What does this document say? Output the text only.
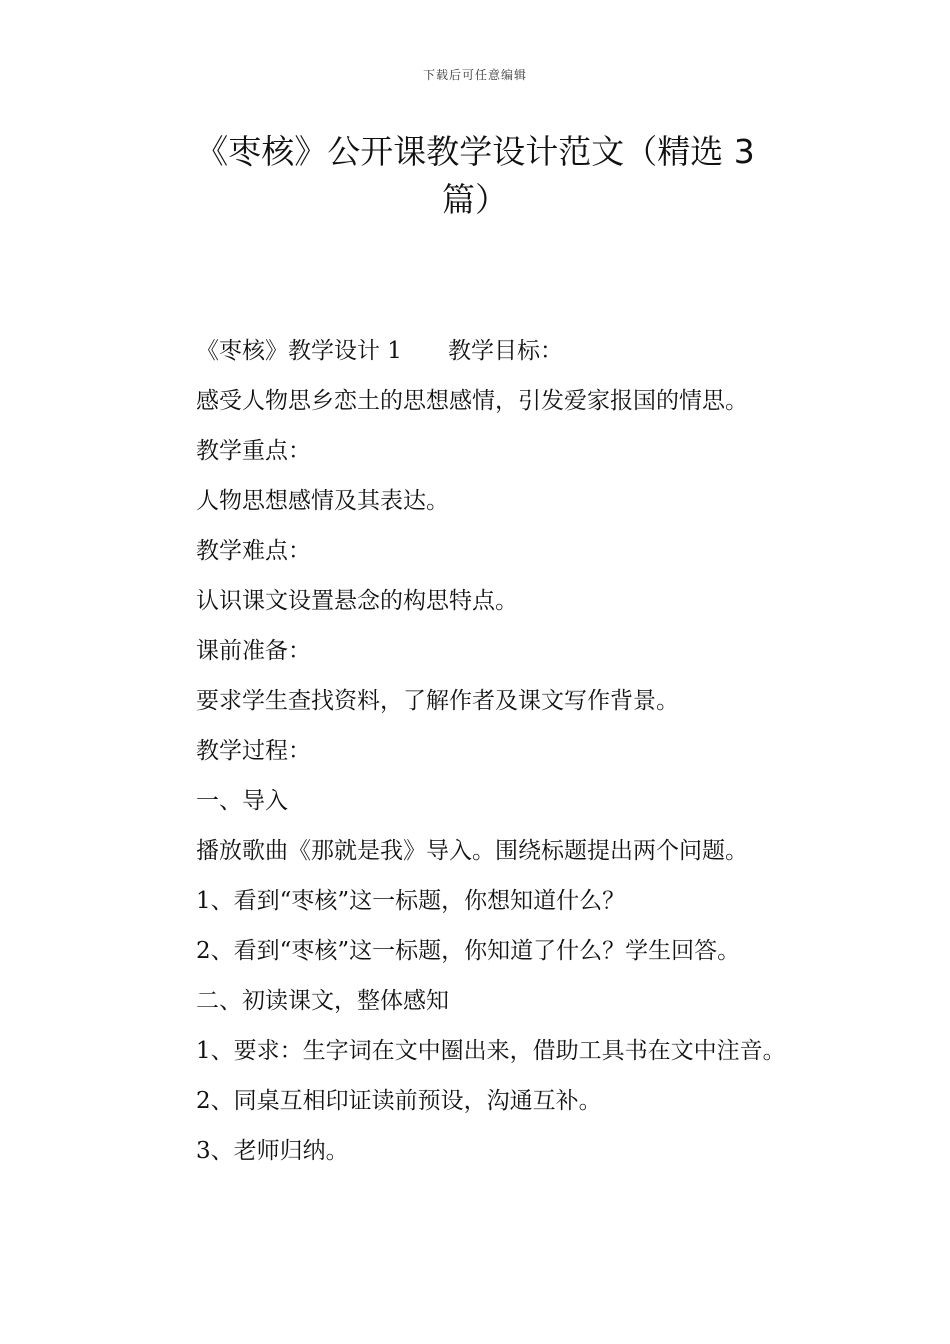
下载后可任意编辑
《枣核》公开课教学设计范文（精选 3
篇）

《枣核》教学设计 1 教学目标：

感受人物思乡恋土的思想感情，引发爱家报国的情思。

教学重点：

人物思想感情及其表达。

教学难点：

认识课文设置悬念的构思特点。

课前准备：

要求学生查找资料，了解作者及课文写作背景。

教学过程：

一、导入

播放歌曲《那就是我》导入。围绕标题提出两个问题。

1、看到“枣核”这一标题，你想知道什么？

2、看到“枣核”这一标题，你知道了什么？学生回答。

二、初读课文，整体感知

1、要求：生字词在文中圈出来，借助工具书在文中注音。

2、同桌互相印证读前预设，沟通互补。

3、老师归纳。
